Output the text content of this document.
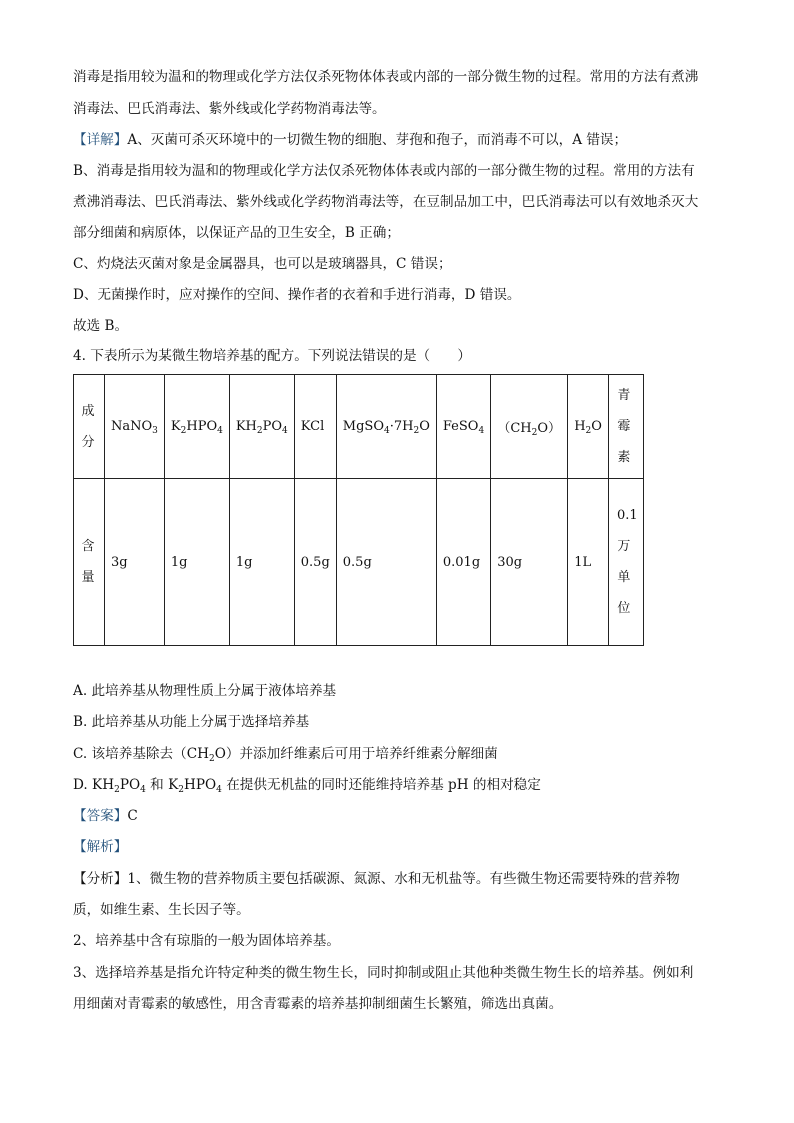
消毒是指用较为温和的物理或化学方法仅杀死物体体表或内部的一部分微生物的过程。常用的方法有煮沸
消毒法、巴氏消毒法、紫外线或化学药物消毒法等。
【详解】A、灭菌可杀灭环境中的一切微生物的细胞、芽孢和孢子，而消毒不可以，A 错误；
B、消毒是指用较为温和的物理或化学方法仅杀死物体体表或内部的一部分微生物的过程。常用的方法有
煮沸消毒法、巴氏消毒法、紫外线或化学药物消毒法等，在豆制品加工中，巴氏消毒法可以有效地杀灭大
部分细菌和病原体，以保证产品的卫生安全，B 正确；
C、灼烧法灭菌对象是金属器具，也可以是玻璃器具，C 错误；
D、无菌操作时，应对操作的空间、操作者的衣着和手进行消毒，D 错误。
故选 B。
4. 下表所示为某微生物培养基的配方。下列说法错误的是（　　）
成分	NaNO$_3$	$K_2HPO_4$	$KH_2PO_4$	KCl	$MgSO_4\cdot 7H_2O$	FeSO$_4$	$(CH_2O)$	$H_2O$	青霉素

含量	3g	1g	1g	0.5g	0.5g	0.01g	30g	1L	0.1万单位
A. 此培养基从物理性质上分属于液体培养基
B. 此培养基从功能上分属于选择培养基
C. 该培养基除去$(CH_2O)$并添加纤维素后可用于培养纤维素分解细菌
D. $KH_2PO_4$ 和 $K_2HPO_4$ 在提供无机盐的同时还能维持培养基 pH 的相对稳定
【答案】C
【解析】
【分析】1、微生物的营养物质主要包括碳源、氮源、水和无机盐等。有些微生物还需要特殊的营养物
质，如维生素、生长因子等。
2、培养基中含有琼脂的一般为固体培养基。
3、选择培养基是指允许特定种类的微生物生长，同时抑制或阻止其他种类微生物生长的培养基。例如利
用细菌对青霉素的敏感性，用含青霉素的培养基抑制细菌生长繁殖，筛选出真菌。
